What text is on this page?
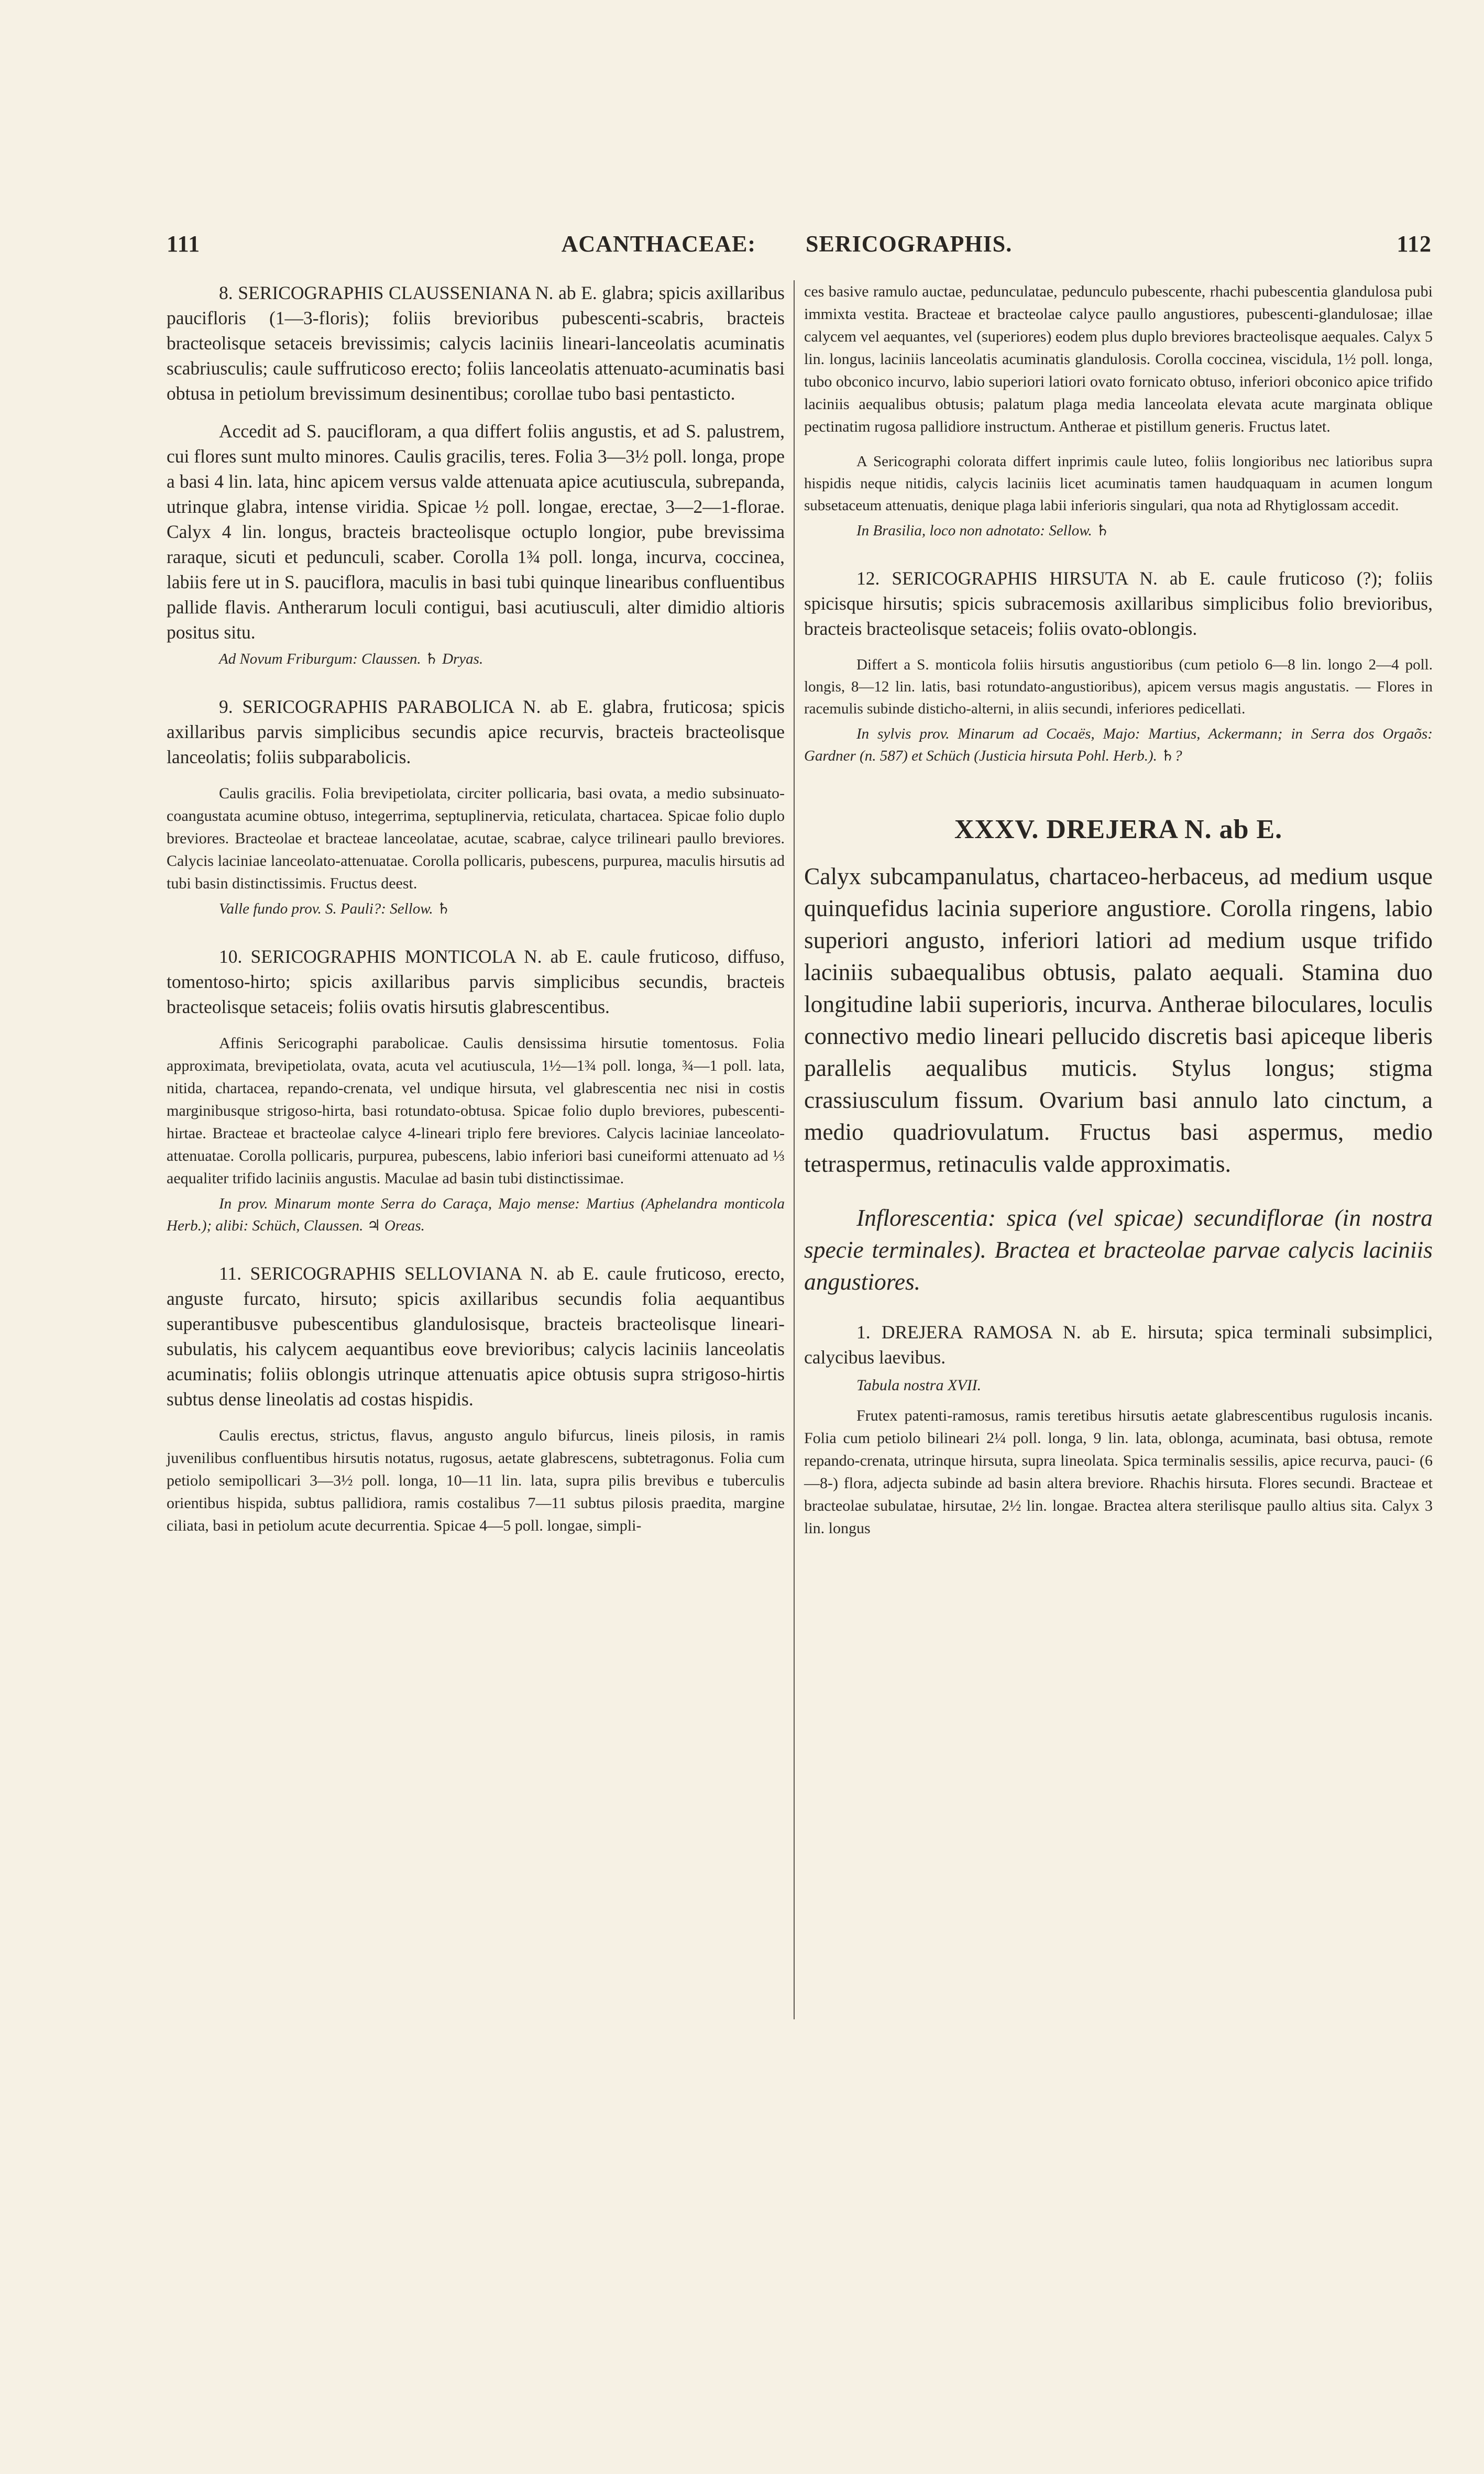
111	ACANTHACEAE: SERICOGRAPHIS.	112

8. SERICOGRAPHIS CLAUSSENIANA N. ab E. glabra; spicis axillaribus paucifloris (1—3-floris); foliis brevioribus pubescenti-scabris, bracteis bracteolisque setaceis brevissimis; calycis laciniis lineari-lanceolatis acuminatis scabriusculis; caule suffruticoso erecto; foliis lanceolatis attenuato-acuminatis basi obtusa in petiolum brevissimum desinentibus; corollae tubo basi pentasticto.

Accedit ad S. paucifloram, a qua differt foliis angustis, et ad S. palustrem, cui flores sunt multo minores. Caulis gracilis, teres. Folia 3—3½ poll. longa, prope a basi 4 lin. lata, hinc apicem versus valde attenuata apice acutiuscula, subrepanda, utrinque glabra, intense viridia. Spicae ½ poll. longae, erectae, 3—2—1-florae. Calyx 4 lin. longus, bracteis bracteolisque octuplo longior, pube brevissima raraque, sicuti et pedunculi, scaber. Corolla 1¾ poll. longa, incurva, coccinea, labiis fere ut in S. pauciflora, maculis in basi tubi quinque linearibus confluentibus pallide flavis. Antherarum loculi contigui, basi acutiusculi, alter dimidio altioris positus situ.

Ad Novum Friburgum: Claussen. ♄ Dryas.

9. SERICOGRAPHIS PARABOLICA N. ab E. glabra, fruticosa; spicis axillaribus parvis simplicibus secundis apice recurvis, bracteis bracteolisque lanceolatis; foliis subparabolicis.

Caulis gracilis. Folia brevipetiolata, circiter pollicaria, basi ovata, a medio subsinuato-coangustata acumine obtuso, integerrima, septuplinervia, reticulata, chartacea. Spicae folio duplo breviores. Bracteolae et bracteae lanceolatae, acutae, scabrae, calyce trilineari paullo breviores. Calycis laciniae lanceolato-attenuatae. Corolla pollicaris, pubescens, purpurea, maculis hirsutis ad tubi basin distinctissimis. Fructus deest.

Valle fundo prov. S. Pauli?: Sellow. ♄

10. SERICOGRAPHIS MONTICOLA N. ab E. caule fruticoso, diffuso, tomentoso-hirto; spicis axillaribus parvis simplicibus secundis, bracteis bracteolisque setaceis; foliis ovatis hirsutis glabrescentibus.

Affinis Sericographi parabolicae. Caulis densissima hirsutie tomentosus. Folia approximata, brevipetiolata, ovata, acuta vel acutiuscula, 1½—1¾ poll. longa, ¾—1 poll. lata, nitida, chartacea, repando-crenata, vel undique hirsuta, vel glabrescentia nec nisi in costis marginibusque strigoso-hirta, basi rotundato-obtusa. Spicae folio duplo breviores, pubescenti-hirtae. Bracteae et bracteolae calyce 4-lineari triplo fere breviores. Calycis laciniae lanceolato-attenuatae. Corolla pollicaris, purpurea, pubescens, labio inferiori basi cuneiformi attenuato ad ⅓ aequaliter trifido laciniis angustis. Maculae ad basin tubi distinctissimae.

In prov. Minarum monte Serra do Caraça, Majo mense: Martius (Aphelandra monticola Herb.); alibi: Schüch, Claussen. ♃ Oreas.

11. SERICOGRAPHIS SELLOVIANA N. ab E. caule fruticoso, erecto, anguste furcato, hirsuto; spicis axillaribus secundis folia aequantibus superantibusve pubescentibus glandulosisque, bracteis bracteolisque lineari-subulatis, his calycem aequantibus eove brevioribus; calycis laciniis lanceolatis acuminatis; foliis oblongis utrinque attenuatis apice obtusis supra strigoso-hirtis subtus dense lineolatis ad costas hispidis.

Caulis erectus, strictus, flavus, angusto angulo bifurcus, lineis pilosis, in ramis juvenilibus confluentibus hirsutis notatus, rugosus, aetate glabrescens, subtetragonus. Folia cum petiolo semipollicari 3—3½ poll. longa, 10—11 lin. lata, supra pilis brevibus e tuberculis orientibus hispida, subtus pallidiora, ramis costalibus 7—11 subtus pilosis praedita, margine ciliata, basi in petiolum acute decurrentia. Spicae 4—5 poll. longae, simpli-

ces basive ramulo auctae, pedunculatae, pedunculo pubescente, rhachi pubescentia glandulosa pubi immixta vestita. Bracteae et bracteolae calyce paullo angustiores, pubescenti-glandulosae; illae calycem vel aequantes, vel (superiores) eodem plus duplo breviores bracteolisque aequales. Calyx 5 lin. longus, laciniis lanceolatis acuminatis glandulosis. Corolla coccinea, viscidula, 1½ poll. longa, tubo obconico incurvo, labio superiori latiori ovato fornicato obtuso, inferiori obconico apice trifido laciniis aequalibus obtusis; palatum plaga media lanceolata elevata acute marginata oblique pectinatim rugosa pallidiore instructum. Antherae et pistillum generis. Fructus latet.

A Sericographi colorata differt inprimis caule luteo, foliis longioribus nec latioribus supra hispidis neque nitidis, calycis laciniis licet acuminatis tamen haudquaquam in acumen longum subsetaceum attenuatis, denique plaga labii inferioris singulari, qua nota ad Rhytiglossam accedit.

In Brasilia, loco non adnotato: Sellow. ♄

12. SERICOGRAPHIS HIRSUTA N. ab E. caule fruticoso (?); foliis spicisque hirsutis; spicis subracemosis axillaribus simplicibus folio brevioribus, bracteis bracteolisque setaceis; foliis ovato-oblongis.

Differt a S. monticola foliis hirsutis angustioribus (cum petiolo 6—8 lin. longo 2—4 poll. longis, 8—12 lin. latis, basi rotundato-angustioribus), apicem versus magis angustatis. — Flores in racemulis subinde disticho-alterni, in aliis secundi, inferiores pedicellati.

In sylvis prov. Minarum ad Cocaës, Majo: Martius, Ackermann; in Serra dos Orgaõs: Gardner (n. 587) et Schüch (Justicia hirsuta Pohl. Herb.). ♄?

XXXV. DREJERA N. ab E.

Calyx subcampanulatus, chartaceo-herbaceus, ad medium usque quinquefidus lacinia superiore angustiore. Corolla ringens, labio superiori angusto, inferiori latiori ad medium usque trifido laciniis subaequalibus obtusis, palato aequali. Stamina duo longitudine labii superioris, incurva. Antherae biloculares, loculis connectivo medio lineari pellucido discretis basi apiceque liberis parallelis aequalibus muticis. Stylus longus; stigma crassiusculum fissum. Ovarium basi annulo lato cinctum, a medio quadriovulatum. Fructus basi aspermus, medio tetraspermus, retinaculis valde approximatis.

Inflorescentia: spica (vel spicae) secundiflorae (in nostra specie terminales). Bractea et bracteolae parvae calycis laciniis angustiores.

1. DREJERA RAMOSA N. ab E. hirsuta; spica terminali subsimplici, calycibus laevibus.

Tabula nostra XVII.

Frutex patenti-ramosus, ramis teretibus hirsutis aetate glabrescentibus rugulosis incanis. Folia cum petiolo bilineari 2¼ poll. longa, 9 lin. lata, oblonga, acuminata, basi obtusa, remote repando-crenata, utrinque hirsuta, supra lineolata. Spica terminalis sessilis, apice recurva, pauci- (6—8-) flora, adjecta subinde ad basin altera breviore. Rhachis hirsuta. Flores secundi. Bracteae et bracteolae subulatae, hirsutae, 2½ lin. longae. Bractea altera sterilisque paullo altius sita. Calyx 3 lin. longus
